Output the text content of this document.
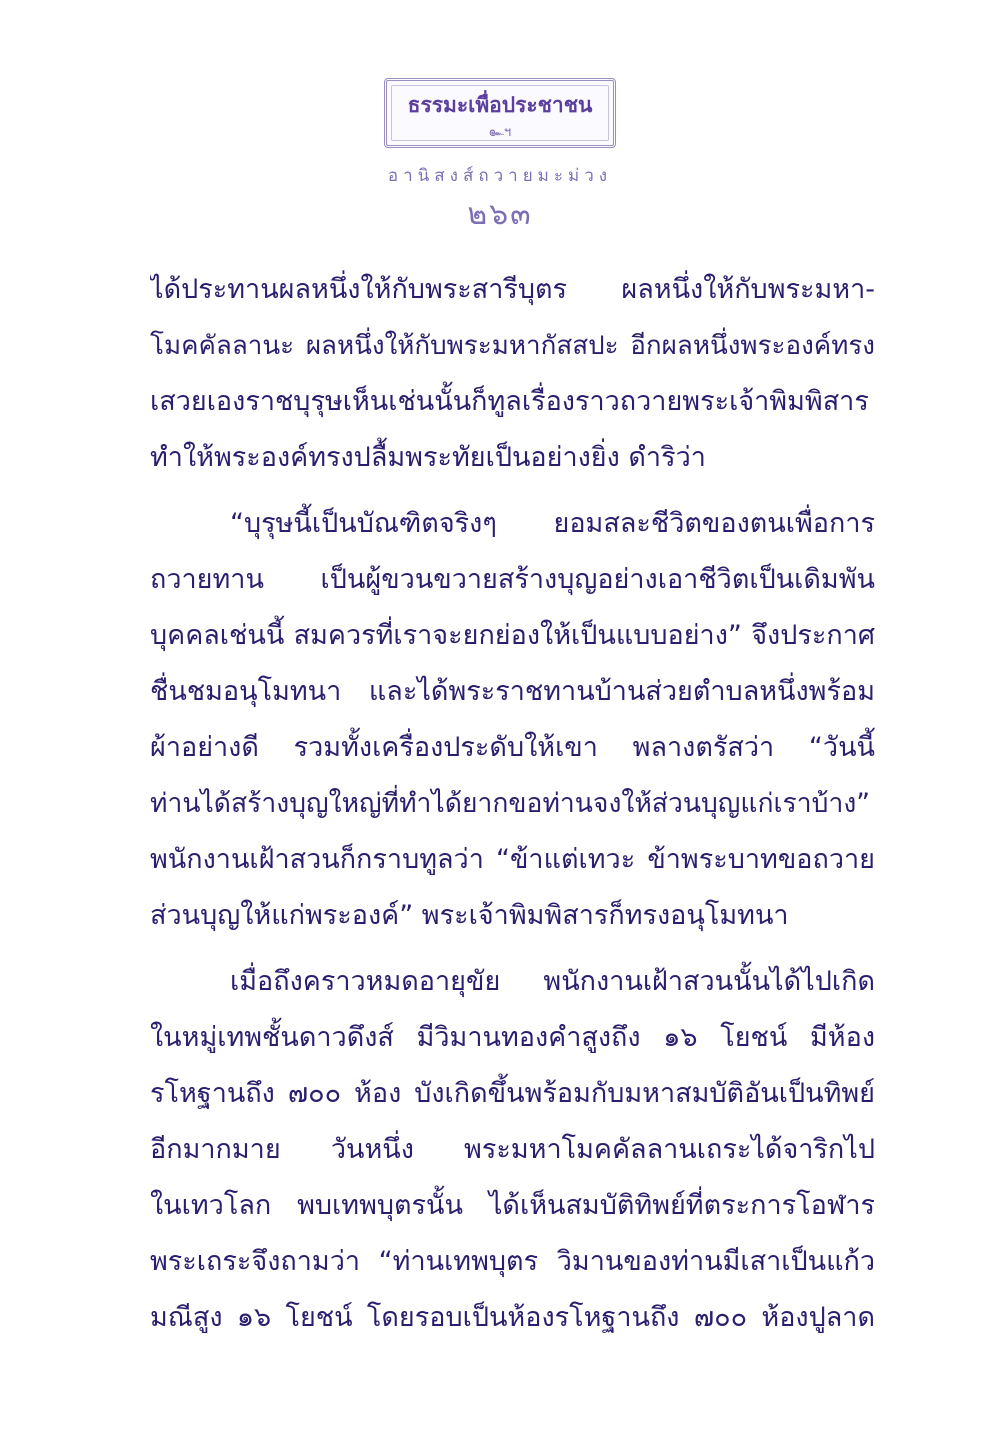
ธรรมะเพื่อประชาชน
๛ฯ
อานิสงส์ถวายมะม่วง
๒๖๓
ได้ประทานผลหนึ่งให้กับพระสารีบุตร ผลหนึ่งให้กับพระมหา-
โมคคัลลานะ ผลหนึ่งให้กับพระมหากัสสปะ อีกผลหนึ่งพระองค์ทรง
เสวยเองราชบุรุษเห็นเช่นนั้นก็ทูลเรื่องราวถวายพระเจ้าพิมพิสาร
ทำให้พระองค์ทรงปลื้มพระทัยเป็นอย่างยิ่ง ดำริว่า
“บุรุษนี้เป็นบัณฑิตจริงๆ ยอมสละชีวิตของตนเพื่อการ
ถวายทาน เป็นผู้ขวนขวายสร้างบุญอย่างเอาชีวิตเป็นเดิมพัน
บุคคลเช่นนี้ สมควรที่เราจะยกย่องให้เป็นแบบอย่าง” จึงประกาศ
ชื่นชมอนุโมทนา และได้พระราชทานบ้านส่วยตำบลหนึ่งพร้อม
ผ้าอย่างดี รวมทั้งเครื่องประดับให้เขา พลางตรัสว่า “วันนี้
ท่านได้สร้างบุญใหญ่ที่ทำได้ยากขอท่านจงให้ส่วนบุญแก่เราบ้าง”
พนักงานเฝ้าสวนก็กราบทูลว่า “ข้าแต่เทวะ ข้าพระบาทขอถวาย
ส่วนบุญให้แก่พระองค์” พระเจ้าพิมพิสารก็ทรงอนุโมทนา
เมื่อถึงคราวหมดอายุขัย พนักงานเฝ้าสวนนั้นได้ไปเกิด
ในหมู่เทพชั้นดาวดึงส์ มีวิมานทองคำสูงถึง ๑๖ โยชน์ มีห้อง
รโหฐานถึง ๗๐๐ ห้อง บังเกิดขึ้นพร้อมกับมหาสมบัติอันเป็นทิพย์
อีกมากมาย วันหนึ่ง พระมหาโมคคัลลานเถระได้จาริกไป
ในเทวโลก พบเทพบุตรนั้น ได้เห็นสมบัติทิพย์ที่ตระการโอฬาร
พระเถระจึงถามว่า “ท่านเทพบุตร วิมานของท่านมีเสาเป็นแก้ว
มณีสูง ๑๖ โยชน์ โดยรอบเป็นห้องรโหฐานถึง ๗๐๐ ห้องปูลาด
